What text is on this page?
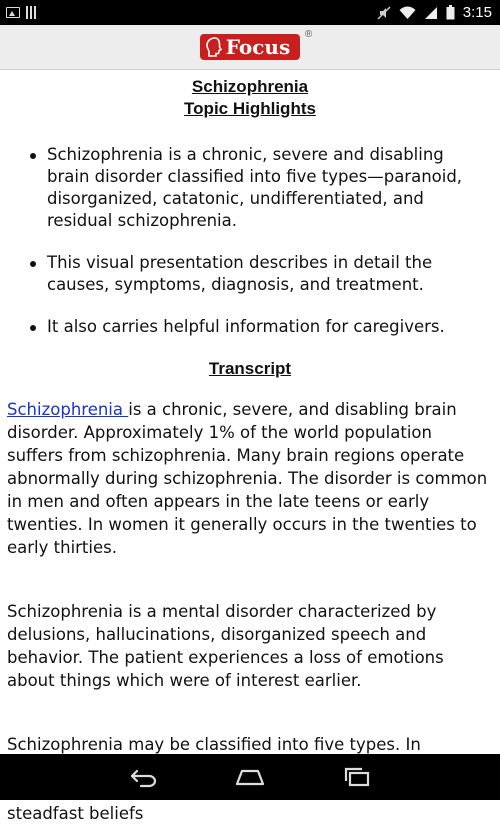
3:15
Focus
®
Schizophrenia
Topic Highlights
Schizophrenia is a chronic, severe and disabling brain disorder classified into five types—paranoid, disorganized, catatonic, undifferentiated, and residual schizophrenia.
This visual presentation describes in detail the causes, symptoms, diagnosis, and treatment.
It also carries helpful information for caregivers.
Transcript

Schizophrenia is a chronic, severe, and disabling brain disorder. Approximately 1% of the world population suffers from schizophrenia. Many brain regions operate abnormally during schizophrenia. The disorder is common in men and often appears in the late teens or early twenties. In women it generally occurs in the twenties to early thirties.

Schizophrenia is a mental disorder characterized by delusions, hallucinations, disorganized speech and behavior. The patient experiences a loss of emotions about things which were of interest earlier.

Schizophrenia may be classified into five types. In steadfast beliefs
